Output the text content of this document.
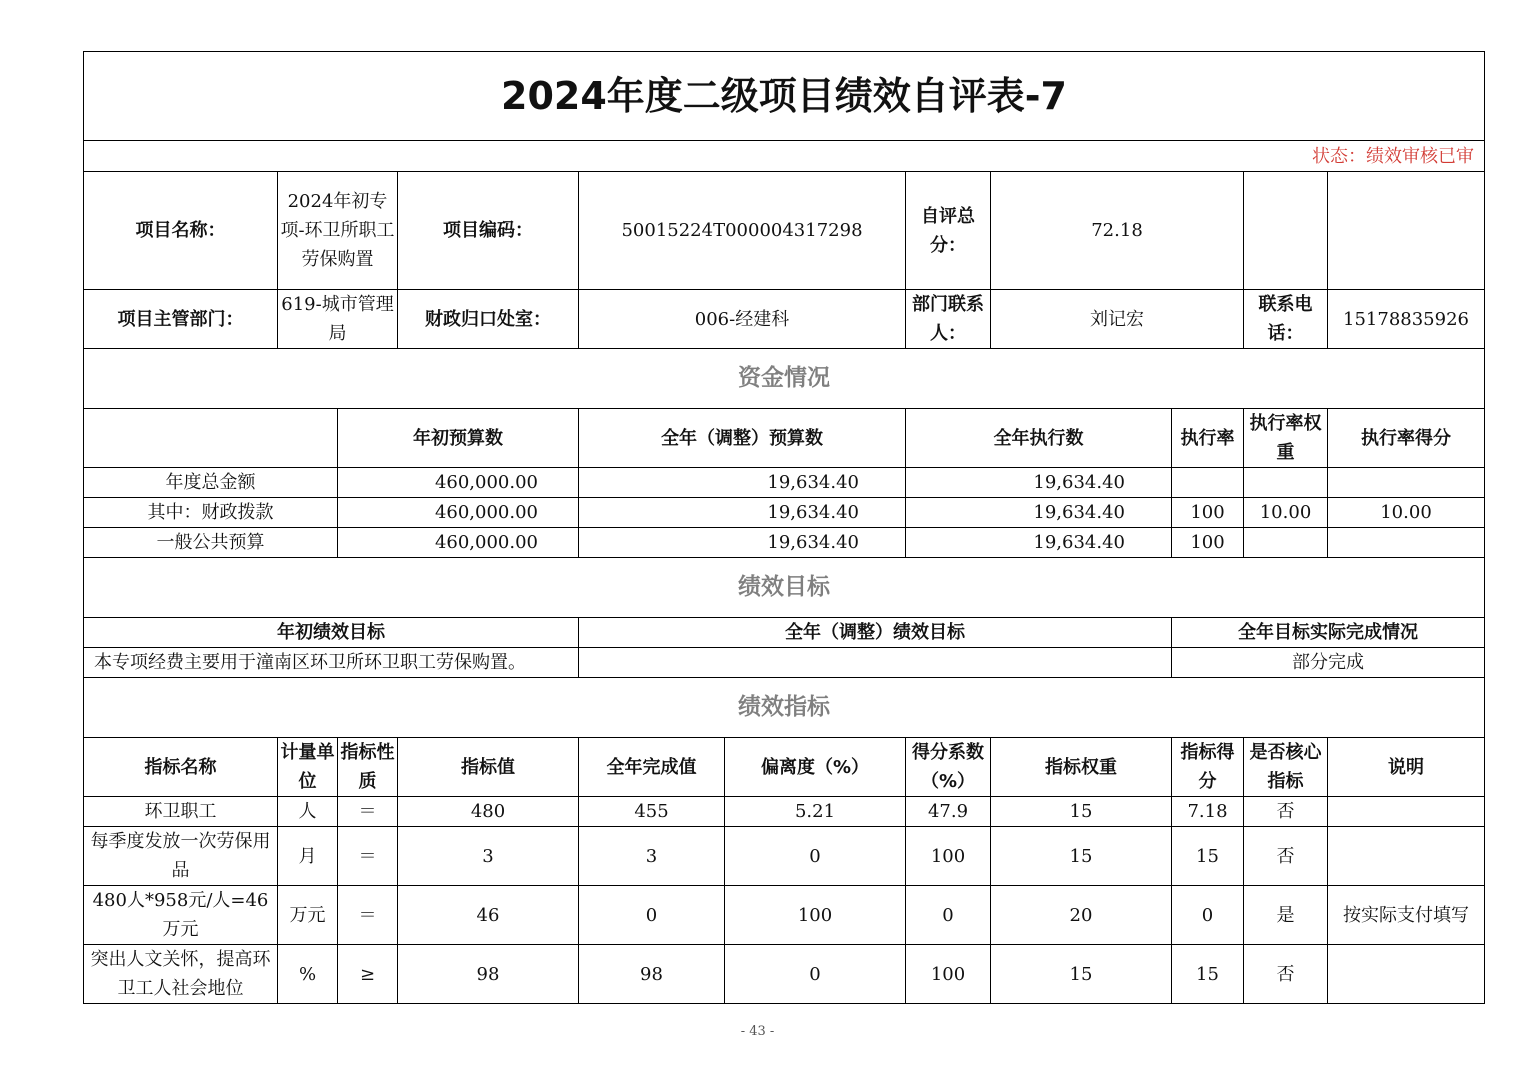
2024年度二级项目绩效自评表-7										
状态：绩效审核已审										
项目名称：	2024年初专项-环卫所职工劳保购置		项目编码：	50015224T000004317298		自评总分：	72.18			
项目主管部门：	619-城市管理局		财政归口处室：	006-经建科		部门联系人：	刘记宏		联系电话：	15178835926
资金情况										
		年初预算数		全年（调整）预算数		全年执行数		执行率	执行率权重	执行率得分
年度总金额		460,000.00		19,634.40		19,634.40				
其中：财政拨款		460,000.00		19,634.40		19,634.40		100	10.00	10.00
一般公共预算		460,000.00		19,634.40		19,634.40		100		
绩效目标										
年初绩效目标				全年（调整）绩效目标				全年目标实际完成情况		
本专项经费主要用于潼南区环卫所环卫职工劳保购置。								部分完成		
绩效指标										
指标名称	计量单位	指标性质	指标值	全年完成值	偏离度（%）	得分系数（%）	指标权重	指标得分	是否核心指标	说明
环卫职工	人	＝	480	455	5.21	47.9	15	7.18	否	
每季度发放一次劳保用品	月	＝	3	3	0	100	15	15	否	
480人*958元/人=46万元	万元	＝	46	0	100	0	20	0	是	按实际支付填写
突出人文关怀，提高环卫工人社会地位	%	≥	98	98	0	100	15	15	否	
- 43 -
